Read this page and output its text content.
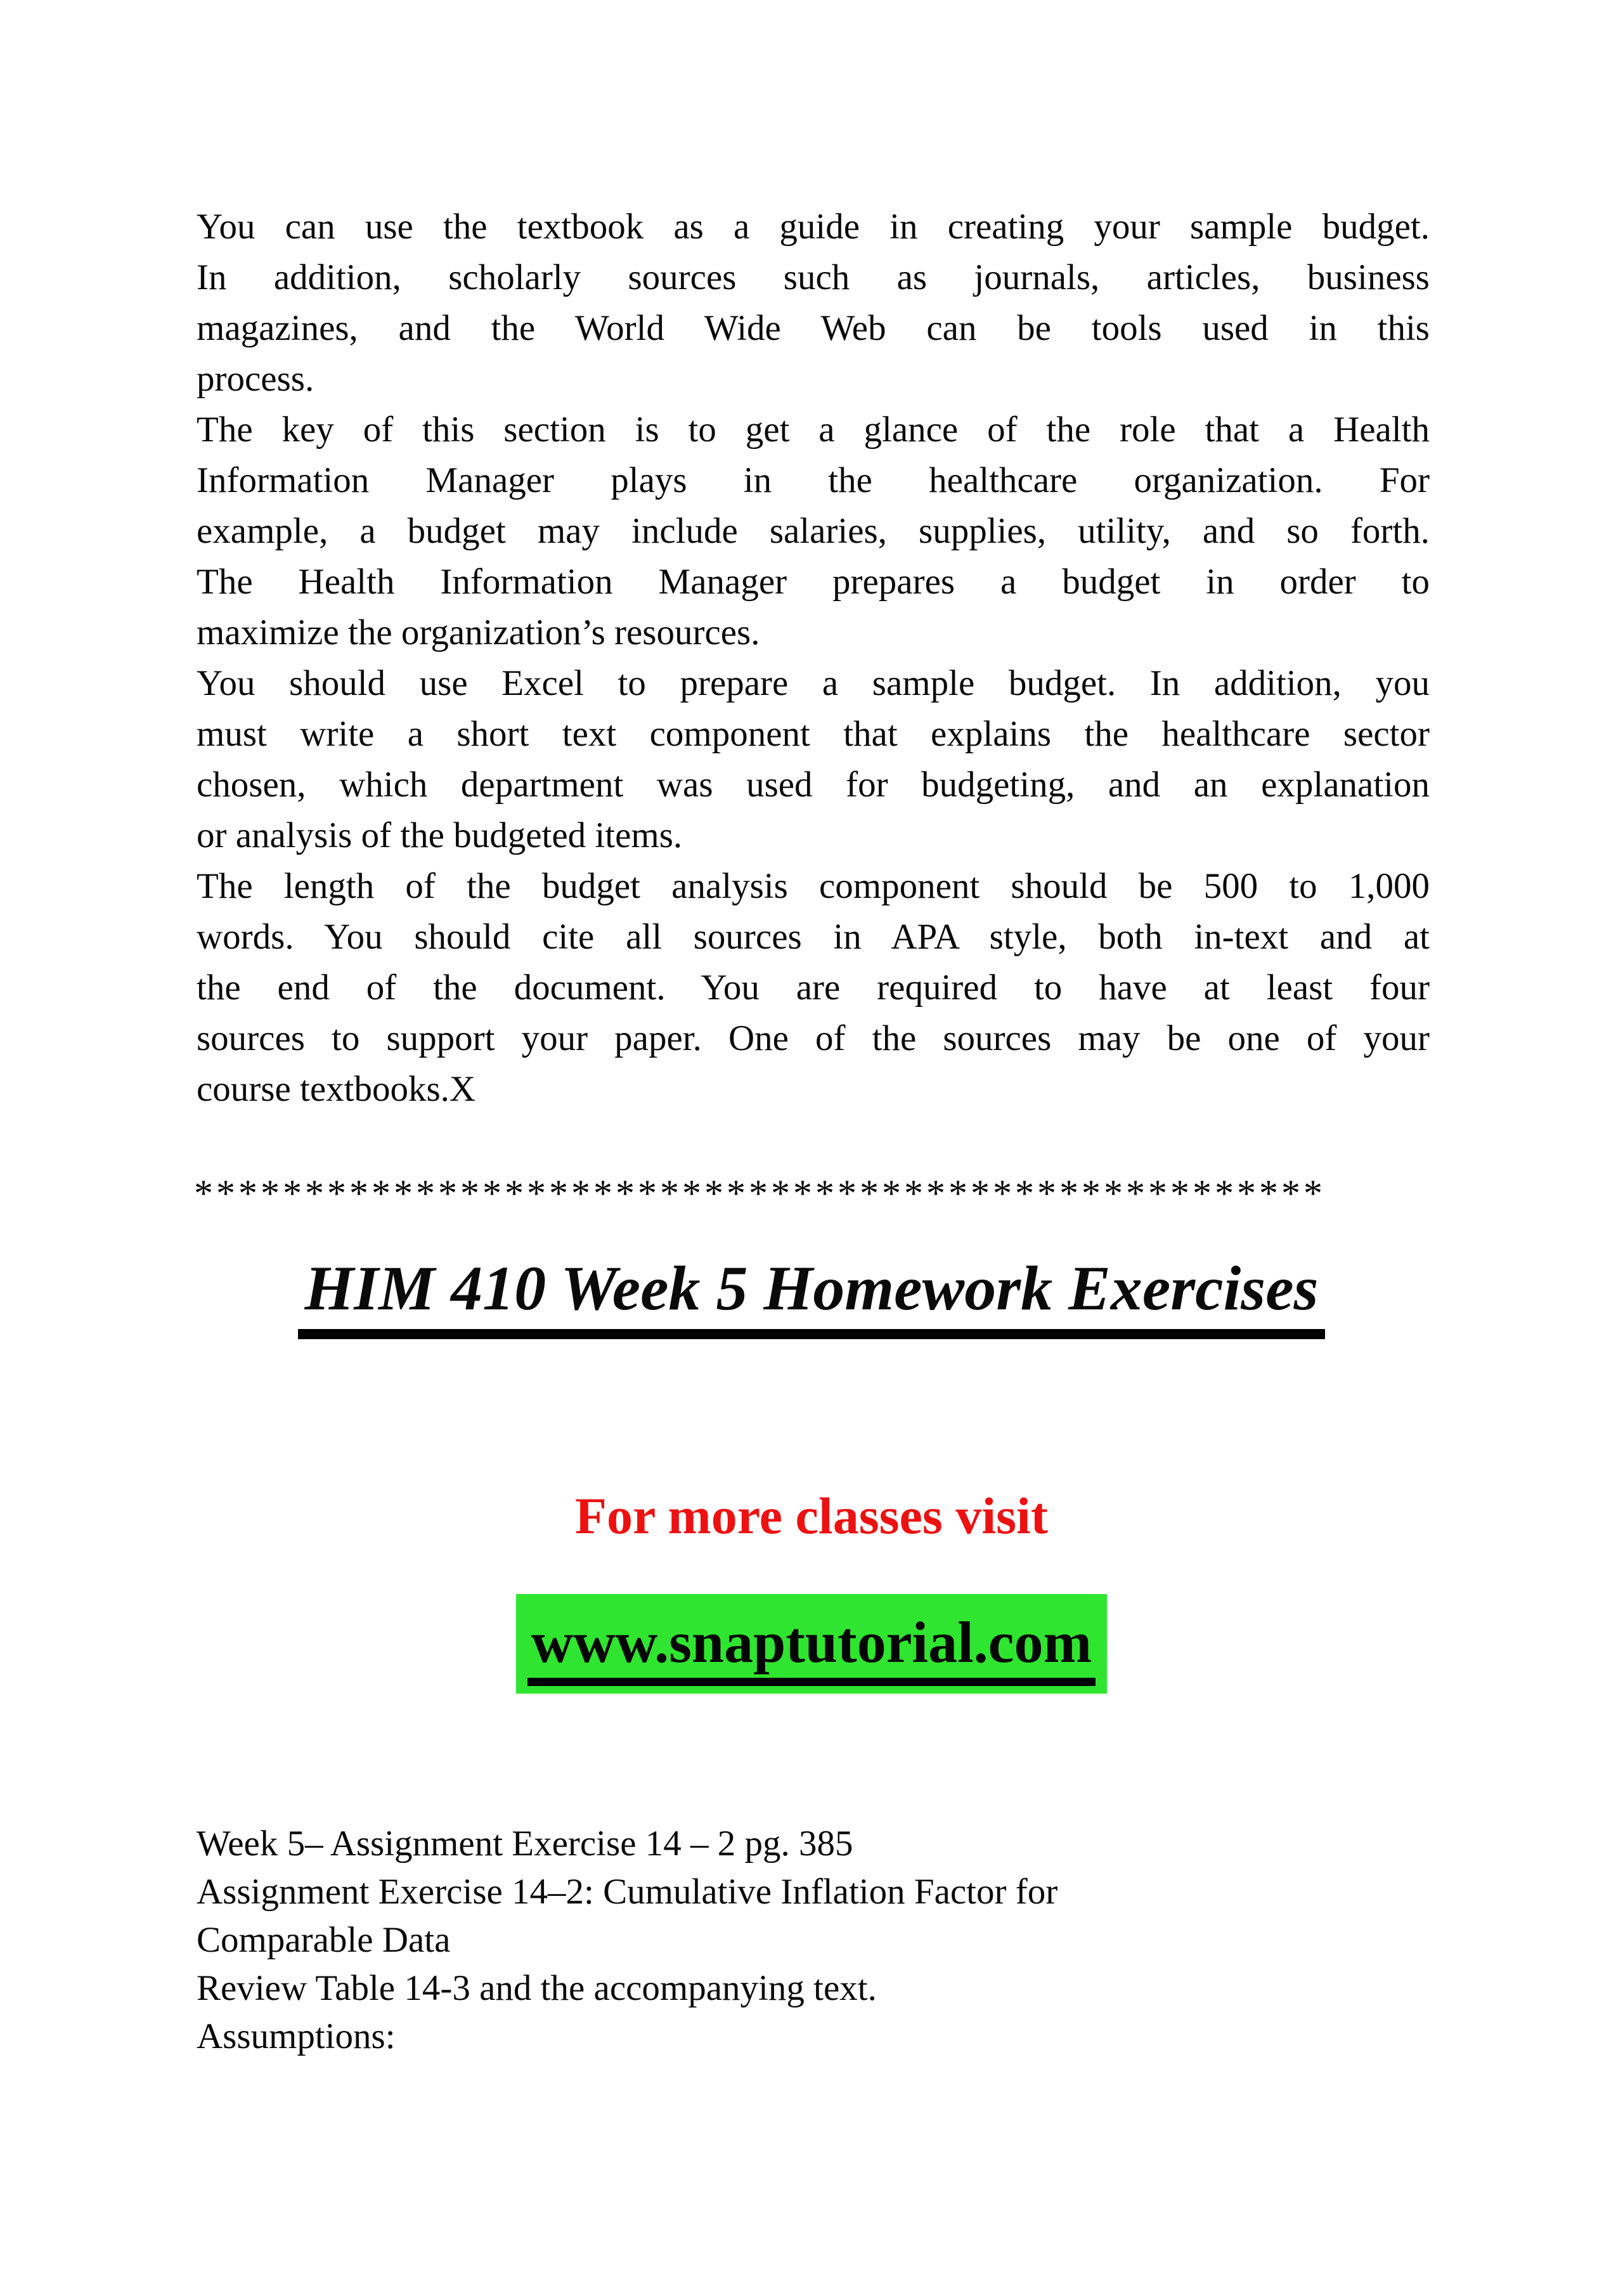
You can use the textbook as a guide in creating your sample budget.
In addition, scholarly sources such as journals, articles, business
magazines, and the World Wide Web can be tools used in this
process.
The key of this section is to get a glance of the role that a Health
Information Manager plays in the healthcare organization. For
example, a budget may include salaries, supplies, utility, and so forth.
The Health Information Manager prepares a budget in order to
maximize the organization’s resources.
You should use Excel to prepare a sample budget. In addition, you
must write a short text component that explains the healthcare sector
chosen, which department was used for budgeting, and an explanation
or analysis of the budgeted items.
The length of the budget analysis component should be 500 to 1,000
words. You should cite all sources in APA style, both in-text and at
the end of the document. You are required to have at least four
sources to support your paper. One of the sources may be one of your
course textbooks.X
***************************************************
HIM 410 Week 5 Homework Exercises
For more classes visit
www.snaptutorial.com
Week 5– Assignment Exercise 14 – 2 pg. 385
Assignment Exercise 14–2: Cumulative Inflation Factor for
Comparable Data
Review Table 14-3 and the accompanying text.
Assumptions:
